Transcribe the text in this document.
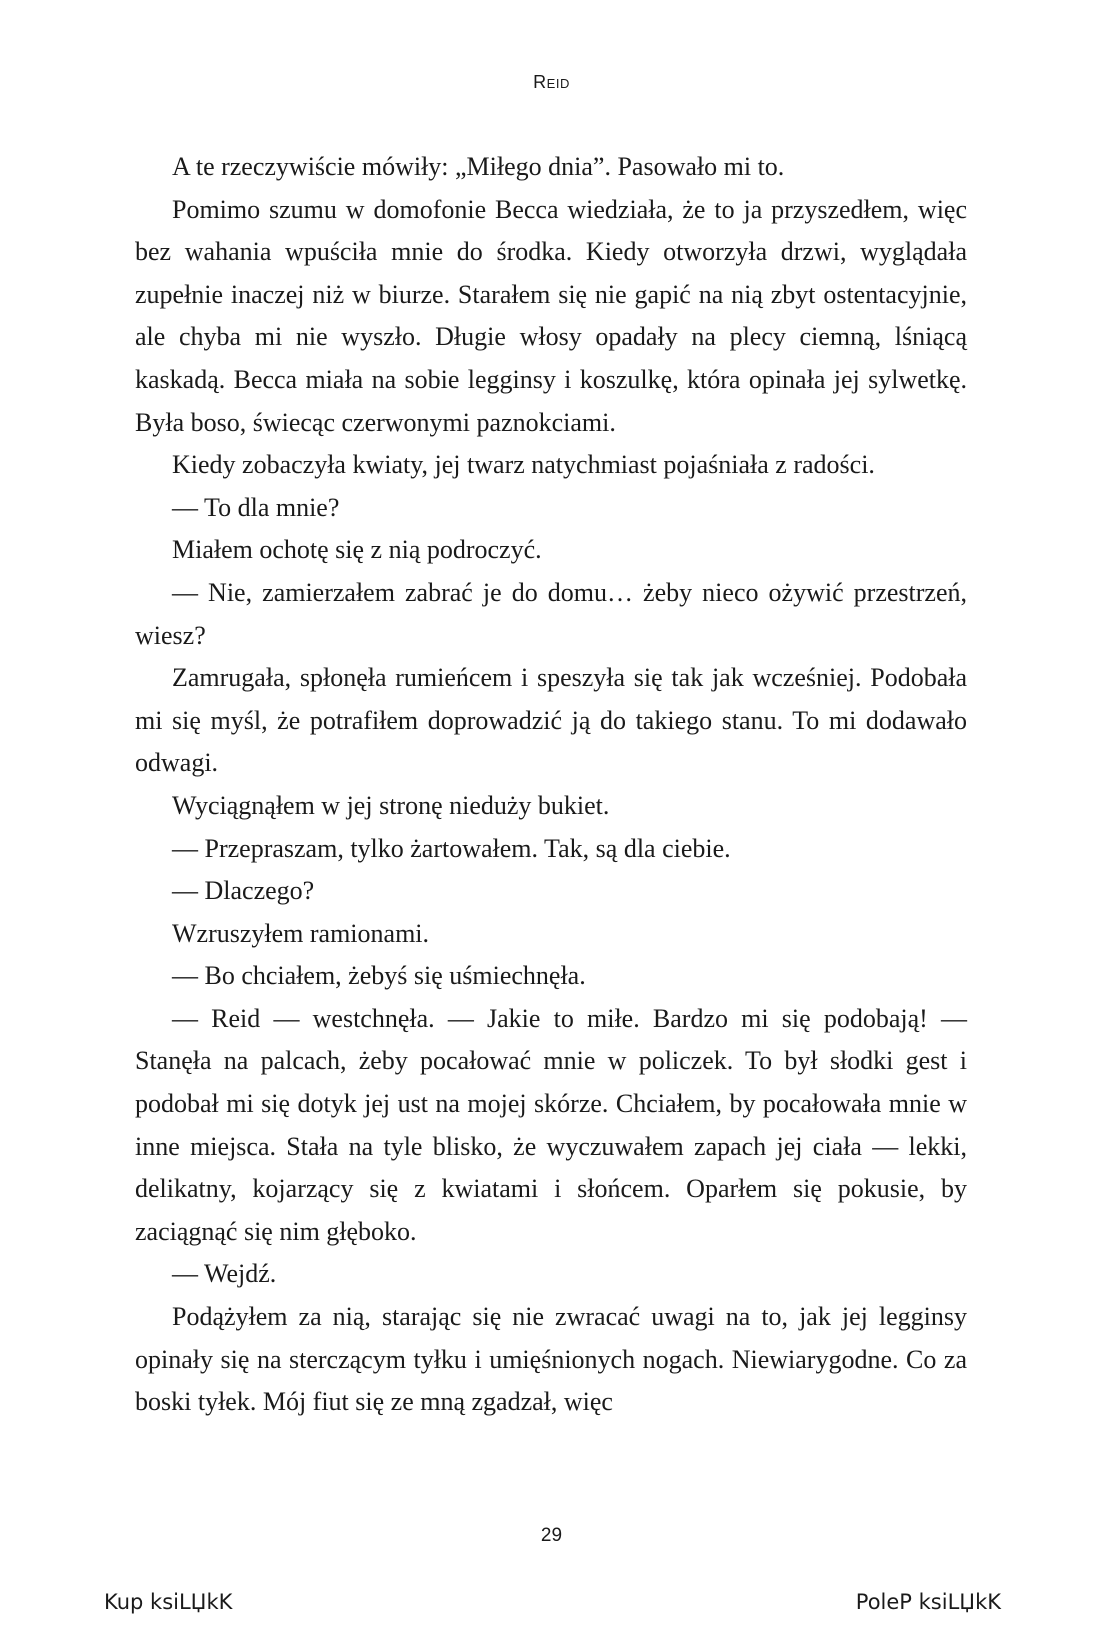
Reid

A te rzeczywiście mówiły: „Miłego dnia”. Pasowało mi to.

Pomimo szumu w domofonie Becca wiedziała, że to ja przyszedłem, więc bez wahania wpuściła mnie do środka. Kiedy otworzyła drzwi, wyglądała zupełnie inaczej niż w biurze. Starałem się nie gapić na nią zbyt ostentacyjnie, ale chyba mi nie wyszło. Długie włosy opadały na plecy ciemną, lśniącą kaskadą. Becca miała na sobie legginsy i koszulkę, która opinała jej sylwetkę. Była boso, świecąc czerwonymi paznokciami.

Kiedy zobaczyła kwiaty, jej twarz natychmiast pojaśniała z radości.

— To dla mnie?

Miałem ochotę się z nią podroczyć.

— Nie, zamierzałem zabrać je do domu… żeby nieco ożywić przestrzeń, wiesz?

Zamrugała, spłonęła rumieńcem i speszyła się tak jak wcześniej. Podobała mi się myśl, że potrafiłem doprowadzić ją do takiego stanu. To mi dodawało odwagi.

Wyciągnąłem w jej stronę nieduży bukiet.

— Przepraszam, tylko żartowałem. Tak, są dla ciebie.

— Dlaczego?

Wzruszyłem ramionami.

— Bo chciałem, żebyś się uśmiechnęła.

— Reid — westchnęła. — Jakie to miłe. Bardzo mi się podobają! — Stanęła na palcach, żeby pocałować mnie w policzek. To był słodki gest i podobał mi się dotyk jej ust na mojej skórze. Chciałem, by pocałowała mnie w inne miejsca. Stała na tyle blisko, że wyczuwałem zapach jej ciała — lekki, delikatny, kojarzący się z kwiatami i słońcem. Oparłem się pokusie, by zaciągnąć się nim głęboko.

— Wejdź.

Podążyłem za nią, starając się nie zwracać uwagi na to, jak jej legginsy opinały się na sterczącym tyłku i umięśnionych nogach. Niewiarygodne. Co za boski tyłek. Mój fiut się ze mną zgadzał, więc

29
Kup ksiLЏkK	PoleP ksiLЏkK
